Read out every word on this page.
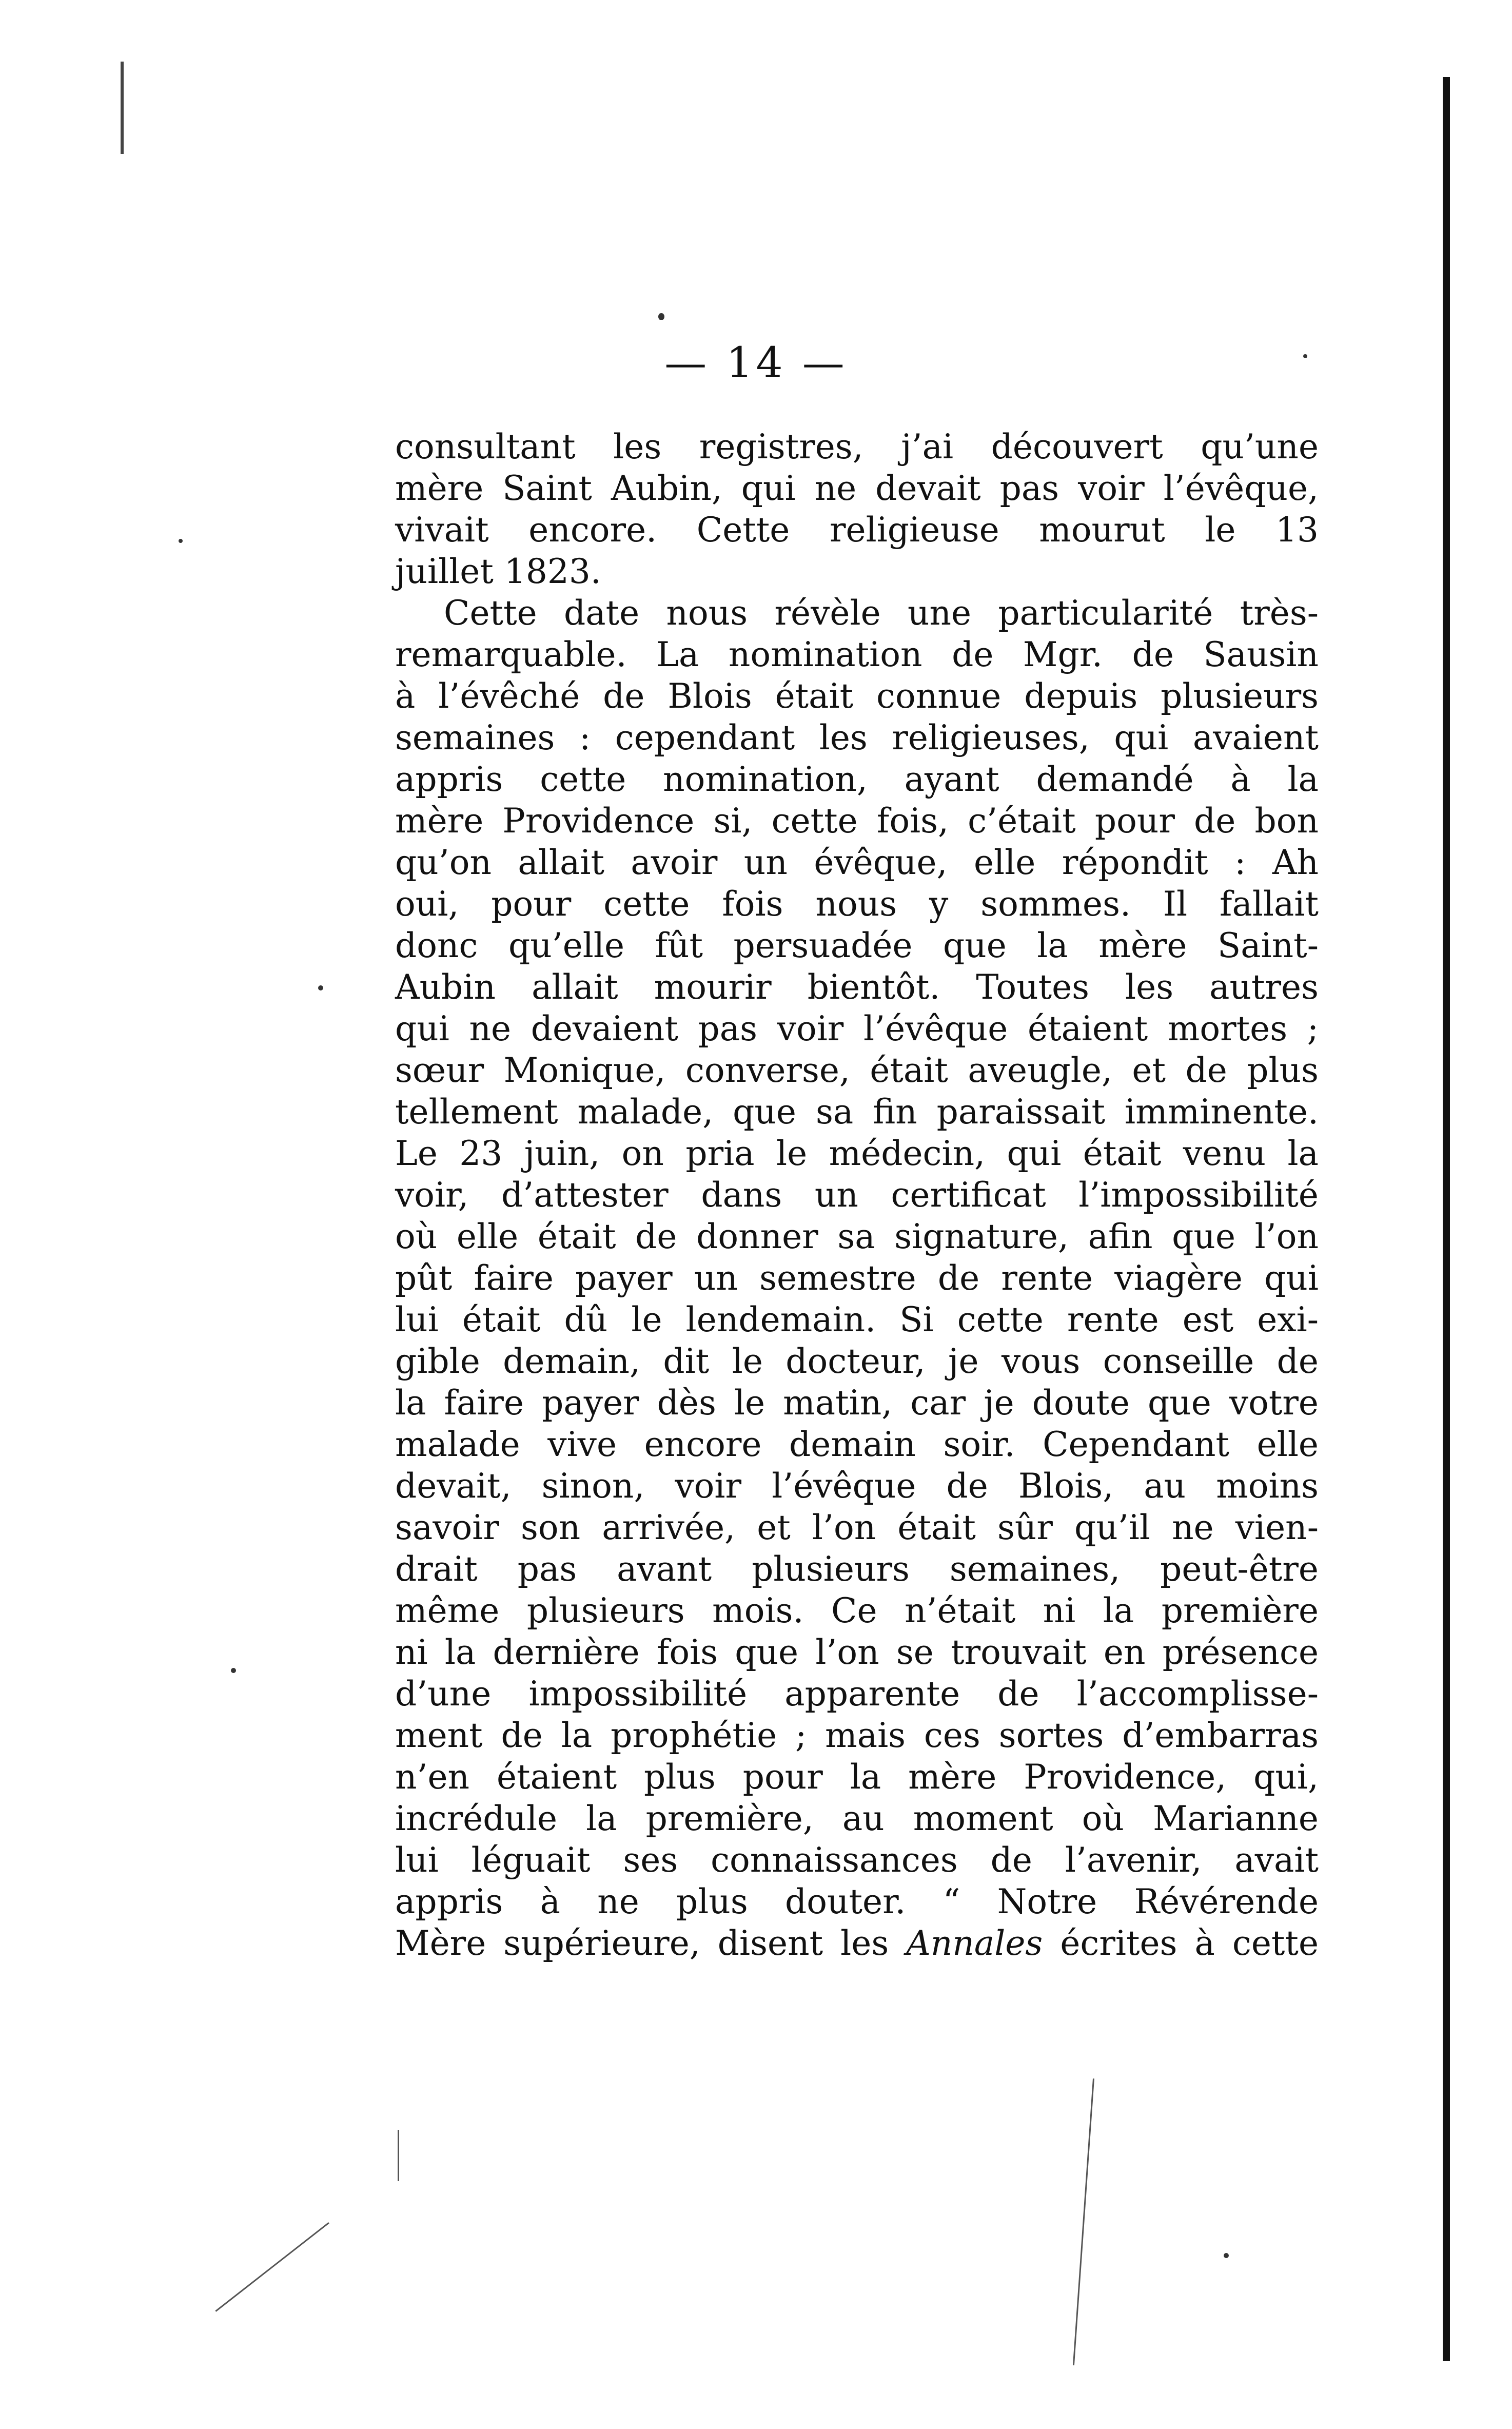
— 14 —
consultant les registres, j’ai découvert qu’une
mère Saint Aubin, qui ne devait pas voir l’évêque,
vivait encore. Cette religieuse mourut le 13
juillet 1823.
Cette date nous révèle une particularité très-
remarquable. La nomination de Mgr. de Sausin
à l’évêché de Blois était connue depuis plusieurs
semaines : cependant les religieuses, qui avaient
appris cette nomination, ayant demandé à la
mère Providence si, cette fois, c’était pour de bon
qu’on allait avoir un évêque, elle répondit : Ah
oui, pour cette fois nous y sommes. Il fallait
donc qu’elle fût persuadée que la mère Saint-
Aubin allait mourir bientôt. Toutes les autres
qui ne devaient pas voir l’évêque étaient mortes ;
sœur Monique, converse, était aveugle, et de plus
tellement malade, que sa fin paraissait imminente.
Le 23 juin, on pria le médecin, qui était venu la
voir, d’attester dans un certificat l’impossibilité
où elle était de donner sa signature, afin que l’on
pût faire payer un semestre de rente viagère qui
lui était dû le lendemain. Si cette rente est exi-
gible demain, dit le docteur, je vous conseille de
la faire payer dès le matin, car je doute que votre
malade vive encore demain soir. Cependant elle
devait, sinon, voir l’évêque de Blois, au moins
savoir son arrivée, et l’on était sûr qu’il ne vien-
drait pas avant plusieurs semaines, peut-être
même plusieurs mois. Ce n’était ni la première
ni la dernière fois que l’on se trouvait en présence
d’une impossibilité apparente de l’accomplisse-
ment de la prophétie ; mais ces sortes d’embarras
n’en étaient plus pour la mère Providence, qui,
incrédule la première, au moment où Marianne
lui léguait ses connaissances de l’avenir, avait
appris à ne plus douter. “ Notre Révérende
Mère supérieure, disent les Annales écrites à cette
